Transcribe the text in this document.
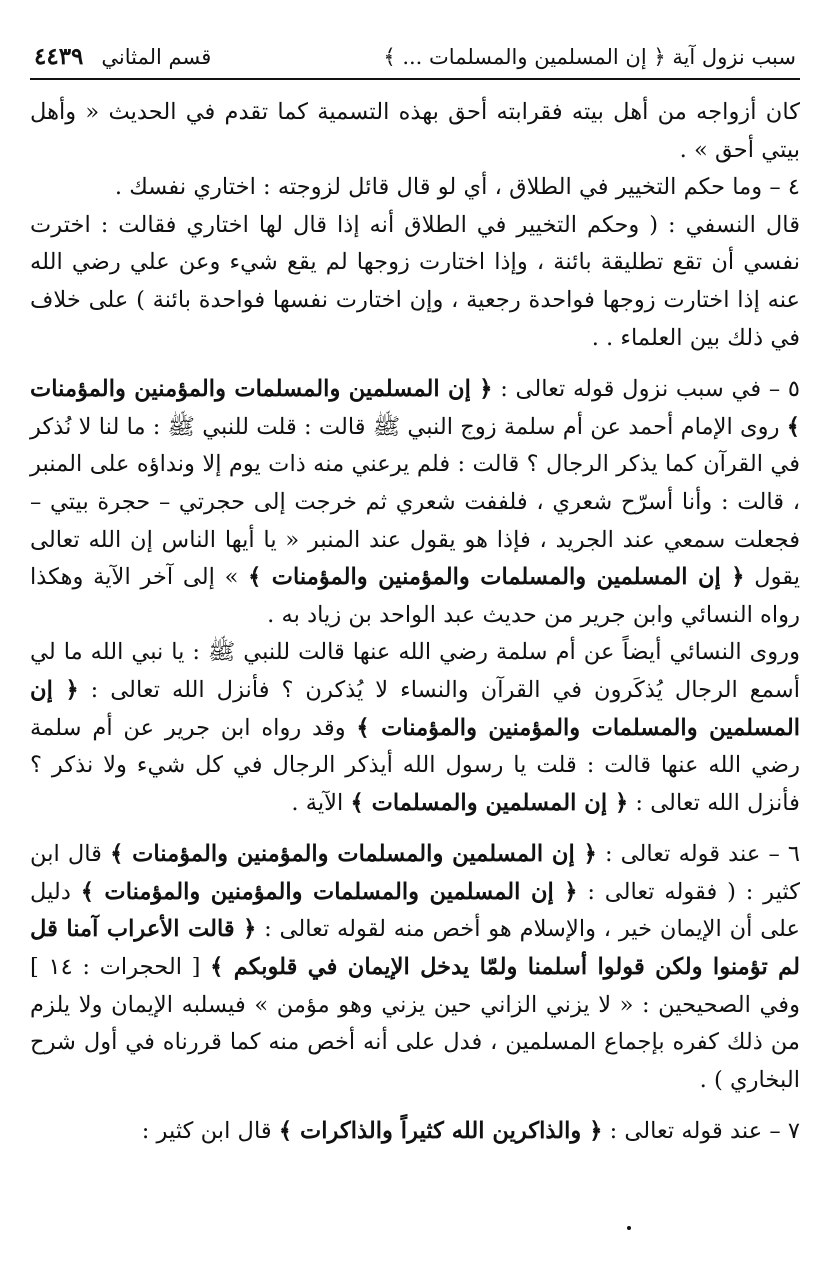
سبب نزول آية ﴿ إن المسلمين والمسلمات ... ﴾
قسم المثاني
٤٤٣٩

كان أزواجه من أهل بيته فقرابته أحق بهذه التسمية كما تقدم في الحديث « وأهل بيتي أحق » .

٤ – وما حكم التخيير في الطلاق ، أي لو قال قائل لزوجته : اختاري نفسك .

قال النسفي : ( وحكم التخيير في الطلاق أنه إذا قال لها اختاري فقالت : اخترت نفسي أن تقع تطليقة بائنة ، وإذا اختارت زوجها لم يقع شيء وعن علي رضي الله عنه إذا اختارت زوجها فواحدة رجعية ، وإن اختارت نفسها فواحدة بائنة ) على خلاف في ذلك بين العلماء . .

٥ – في سبب نزول قوله تعالى : ﴿ إن المسلمين والمسلمات والمؤمنين والمؤمنات ﴾ روى الإمام أحمد عن أم سلمة زوج النبي ﷺ قالت : قلت للنبي ﷺ : ما لنا لا نُذكر في القرآن كما يذكر الرجال ؟ قالت : فلم يرعني منه ذات يوم إلا ونداؤه على المنبر ، قالت : وأنا أسرّح شعري ، فلففت شعري ثم خرجت إلى حجرتي – حجرة بيتي – فجعلت سمعي عند الجريد ، فإذا هو يقول عند المنبر « يا أيها الناس إن الله تعالى يقول ﴿ إن المسلمين والمسلمات والمؤمنين والمؤمنات ﴾ » إلى آخر الآية وهكذا رواه النسائي وابن جرير من حديث عبد الواحد بن زياد به .

وروى النسائي أيضاً عن أم سلمة رضي الله عنها قالت للنبي ﷺ : يا نبي الله ما لي أسمع الرجال يُذكَرون في القرآن والنساء لا يُذكرن ؟ فأنزل الله تعالى : ﴿ إن المسلمين والمسلمات والمؤمنين والمؤمنات ﴾ وقد رواه ابن جرير عن أم سلمة رضي الله عنها قالت : قلت يا رسول الله أيذكر الرجال في كل شيء ولا نذكر ؟ فأنزل الله تعالى : ﴿ إن المسلمين والمسلمات ﴾ الآية .

٦ – عند قوله تعالى : ﴿ إن المسلمين والمسلمات والمؤمنين والمؤمنات ﴾ قال ابن كثير : ( فقوله تعالى : ﴿ إن المسلمين والمسلمات والمؤمنين والمؤمنات ﴾ دليل على أن الإيمان خير ، والإسلام هو أخص منه لقوله تعالى : ﴿ قالت الأعراب آمنا قل لم تؤمنوا ولكن قولوا أسلمنا ولمّا يدخل الإيمان في قلوبكم ﴾ [ الحجرات : ١٤ ] وفي الصحيحين : « لا يزني الزاني حين يزني وهو مؤمن » فيسلبه الإيمان ولا يلزم من ذلك كفره بإجماع المسلمين ، فدل على أنه أخص منه كما قررناه في أول شرح البخاري ) .

٧ – عند قوله تعالى : ﴿ والذاكرين الله كثيراً والذاكرات ﴾ قال ابن كثير :
